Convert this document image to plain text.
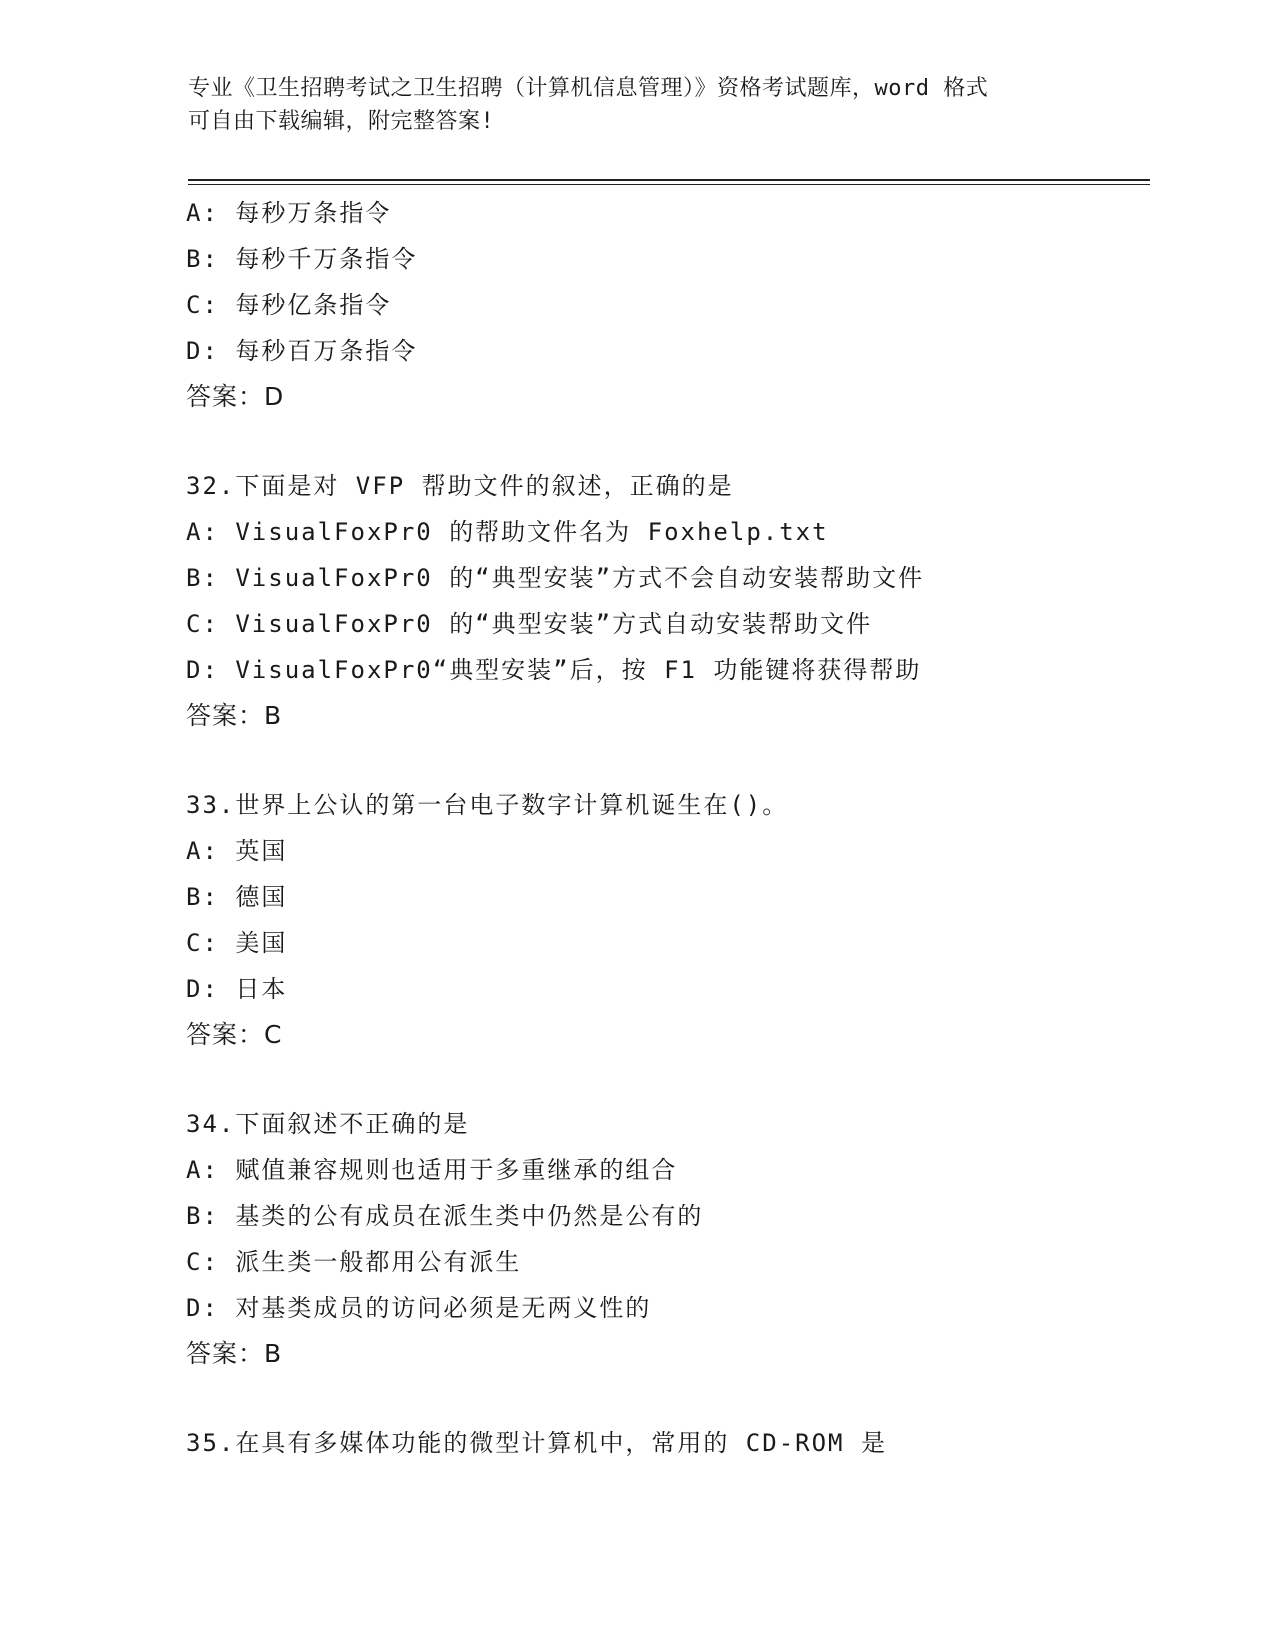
专业《卫生招聘考试之卫生招聘（计算机信息管理）》资格考试题库，word 格式
可自由下载编辑，附完整答案!
A: 每秒万条指令
B: 每秒千万条指令
C: 每秒亿条指令
D: 每秒百万条指令
答案：D
32.下面是对 VFP 帮助文件的叙述，正确的是
A: VisualFoxPr0 的帮助文件名为 Foxhelp.txt
B: VisualFoxPr0 的“典型安装”方式不会自动安装帮助文件
C: VisualFoxPr0 的“典型安装”方式自动安装帮助文件
D: VisualFoxPr0“典型安装”后，按 F1 功能键将获得帮助
答案：B
33.世界上公认的第一台电子数字计算机诞生在()。
A: 英国
B: 德国
C: 美国
D: 日本
答案：C
34.下面叙述不正确的是
A: 赋值兼容规则也适用于多重继承的组合
B: 基类的公有成员在派生类中仍然是公有的
C: 派生类一般都用公有派生
D: 对基类成员的访问必须是无两义性的
答案：B
35.在具有多媒体功能的微型计算机中，常用的 CD-ROM 是
